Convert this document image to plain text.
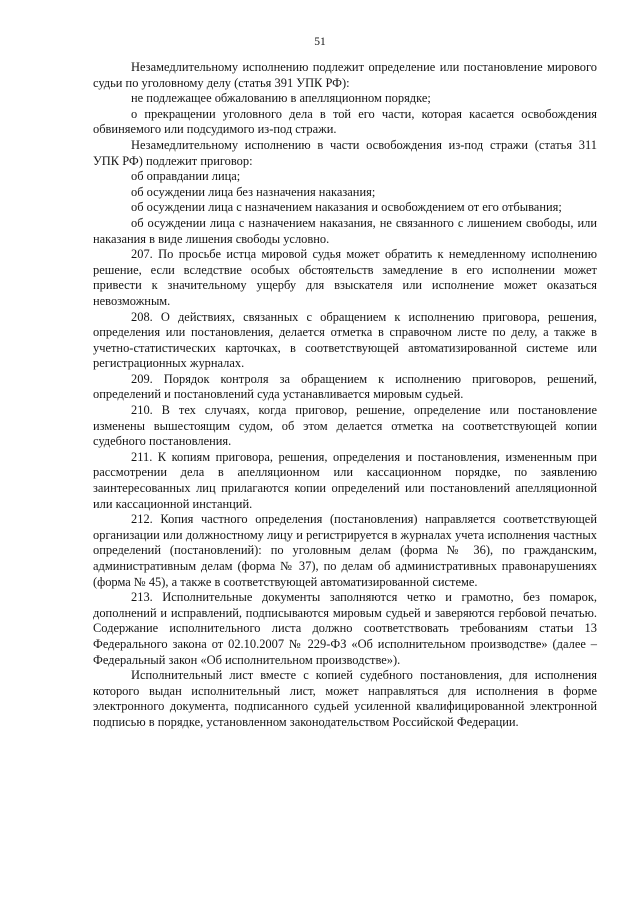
51

Незамедлительному исполнению подлежит определение или постановление мирового судьи по уголовному делу (статья 391 УПК РФ):

не подлежащее обжалованию в апелляционном порядке;

о прекращении уголовного дела в той его части, которая касается освобождения обвиняемого или подсудимого из-под стражи.

Незамедлительному исполнению в части освобождения из-под стражи (статья 311 УПК РФ) подлежит приговор:

об оправдании лица;

об осуждении лица без назначения наказания;

об осуждении лица с назначением наказания и освобождением от его отбывания;

об осуждении лица с назначением наказания, не связанного с лишением свободы, или наказания в виде лишения свободы условно.

207. По просьбе истца мировой судья может обратить к немедленному исполнению решение, если вследствие особых обстоятельств замедление в его исполнении может привести к значительному ущербу для взыскателя или исполнение может оказаться невозможным.

208. О действиях, связанных с обращением к исполнению приговора, решения, определения или постановления, делается отметка в справочном листе по делу, а также в учетно-статистических карточках, в соответствующей автоматизированной системе или регистрационных журналах.

209. Порядок контроля за обращением к исполнению приговоров, решений, определений и постановлений суда устанавливается мировым судьей.

210. В тех случаях, когда приговор, решение, определение или постановление изменены вышестоящим судом, об этом делается отметка на соответствующей копии судебного постановления.

211. К копиям приговора, решения, определения и постановления, измененным при рассмотрении дела в апелляционном или кассационном порядке, по заявлению заинтересованных лиц прилагаются копии определений или постановлений апелляционной или кассационной инстанций.

212. Копия частного определения (постановления) направляется соответствующей организации или должностному лицу и регистрируется в журналах учета исполнения частных определений (постановлений): по уголовным делам (форма № 36), по гражданским, административным делам (форма № 37), по делам об административных правонарушениях (форма № 45), а также в соответствующей автоматизированной системе.

213. Исполнительные документы заполняются четко и грамотно, без помарок, дополнений и исправлений, подписываются мировым судьей и заверяются гербовой печатью. Содержание исполнительного листа должно соответствовать требованиям статьи 13 Федерального закона от 02.10.2007 № 229-ФЗ «Об исполнительном производстве» (далее – Федеральный закон «Об исполнительном производстве»).

Исполнительный лист вместе с копией судебного постановления, для исполнения которого выдан исполнительный лист, может направляться для исполнения в форме электронного документа, подписанного судьей усиленной квалифицированной электронной подписью в порядке, установленном законодательством Российской Федерации.
